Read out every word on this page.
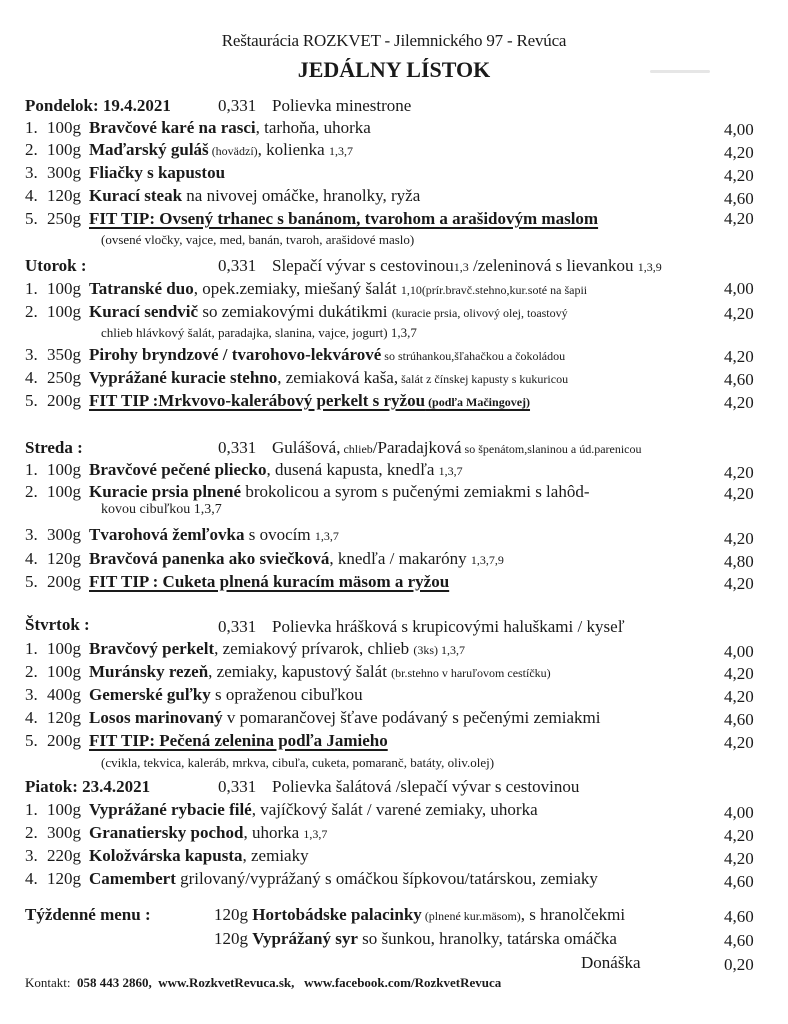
Reštaurácia ROZKVET - Jilemnického 97 - Revúca
JEDÁLNY LÍSTOK
Pondelok: 19.4.2021	0,331 Polievka minestrone
1. 100g Bravčové karé na rasci, tarhoňa, uhorka	4,00
2. 100g Maďarský guláš (hovädzí), kolienka 1,3,7	4,20
3. 300g Fliačky s kapustou	4,20
4. 120g Kurací steak na nivovej omáčke, hranolky, ryža	4,60
5. 250g FIT TIP: Ovsený trhanec s banánom, tvarohom a arašidovým maslom	4,20
(ovsené vločky, vajce, med, banán, tvaroh, arašidové maslo)
Utorok :	0,331 Slepačí vývar s cestovinou1,3 /zeleninová s lievankou 1,3,9
1. 100g Tatranské duo, opek.zemiaky, miešaný šalát 1,10(prír.bravč.stehno,kur.soté na šapii	4,00
2. 100g Kurací sendvič so zemiakovými dukátikmi (kuracie prsia, olivový olej, toastový	4,20
chlieb hlávkový šalát, paradajka, slanina, vajce, jogurt) 1,3,7
3. 350g Pirohy bryndzové / tvarohovo-lekvárové so strúhankou,šľahačkou a čokoládou	4,20
4. 250g Vyprážané kuracie stehno, zemiaková kaša, šalát z čínskej kapusty s kukuricou	4,60
5. 200g FIT TIP :Mrkvovo-kalerábový perkelt s ryžou (podľa Mačingovej)	4,20
Streda :	0,331 Gulášová, chlieb/Paradajková so špenátom,slaninou a úd.parenicou
1. 100g Bravčové pečené pliecko, dusená kapusta, knedľa 1,3,7	4,20
2. 100g Kuracie prsia plnené brokolicou a syrom s pučenými zemiakmi s lahôd-	4,20
kovou cibuľkou 1,3,7
3. 300g Tvarohová žemľovka s ovocím 1,3,7	4,20
4. 120g Bravčová panenka ako sviečková, knedľa / makaróny 1,3,7,9	4,80
5. 200g FIT TIP : Cuketa plnená kuracím mäsom a ryžou	4,20
Štvrtok :	0,331 Polievka hrášková s krupicovými haluškami / kyseľ
1. 100g Bravčový perkelt, zemiakový prívarok, chlieb (3ks) 1,3,7	4,00
2. 100g Muránsky rezeň, zemiaky, kapustový šalát (br.stehno v haruľovom cestíčku)	4,20
3. 400g Gemerské guľky s opraženou cibuľkou	4,20
4. 120g Losos marinovaný v pomarančovej šťave podávaný s pečenými zemiakmi	4,60
5. 200g FIT TIP: Pečená zelenina podľa Jamieho	4,20
(cvikla, tekvica, kaleráb, mrkva, cibuľa, cuketa, pomaranč, batáty, oliv.olej)
Piatok: 23.4.2021	0,331 Polievka šalátová /slepačí vývar s cestovinou
1. 100g Vyprážané rybacie filé, vajíčkový šalát / varené zemiaky, uhorka	4,00
2. 300g Granatiersky pochod, uhorka 1,3,7	4,20
3. 220g Koložvárska kapusta, zemiaky	4,20
4. 120g Camembert grilovaný/vyprážaný s omáčkou šípkovou/tatárskou, zemiaky	4,60
Týždenné menu :	120g Hortobádske palacinky (plnené kur.mäsom), s hranolčekmi	4,60
120g Vyprážaný syr so šunkou, hranolky, tatárska omáčka	4,60
Donáška	0,20
Kontakt: 058 443 2860, www.RozkvetRevuca.sk, www.facebook.com/RozkvetRevuca
